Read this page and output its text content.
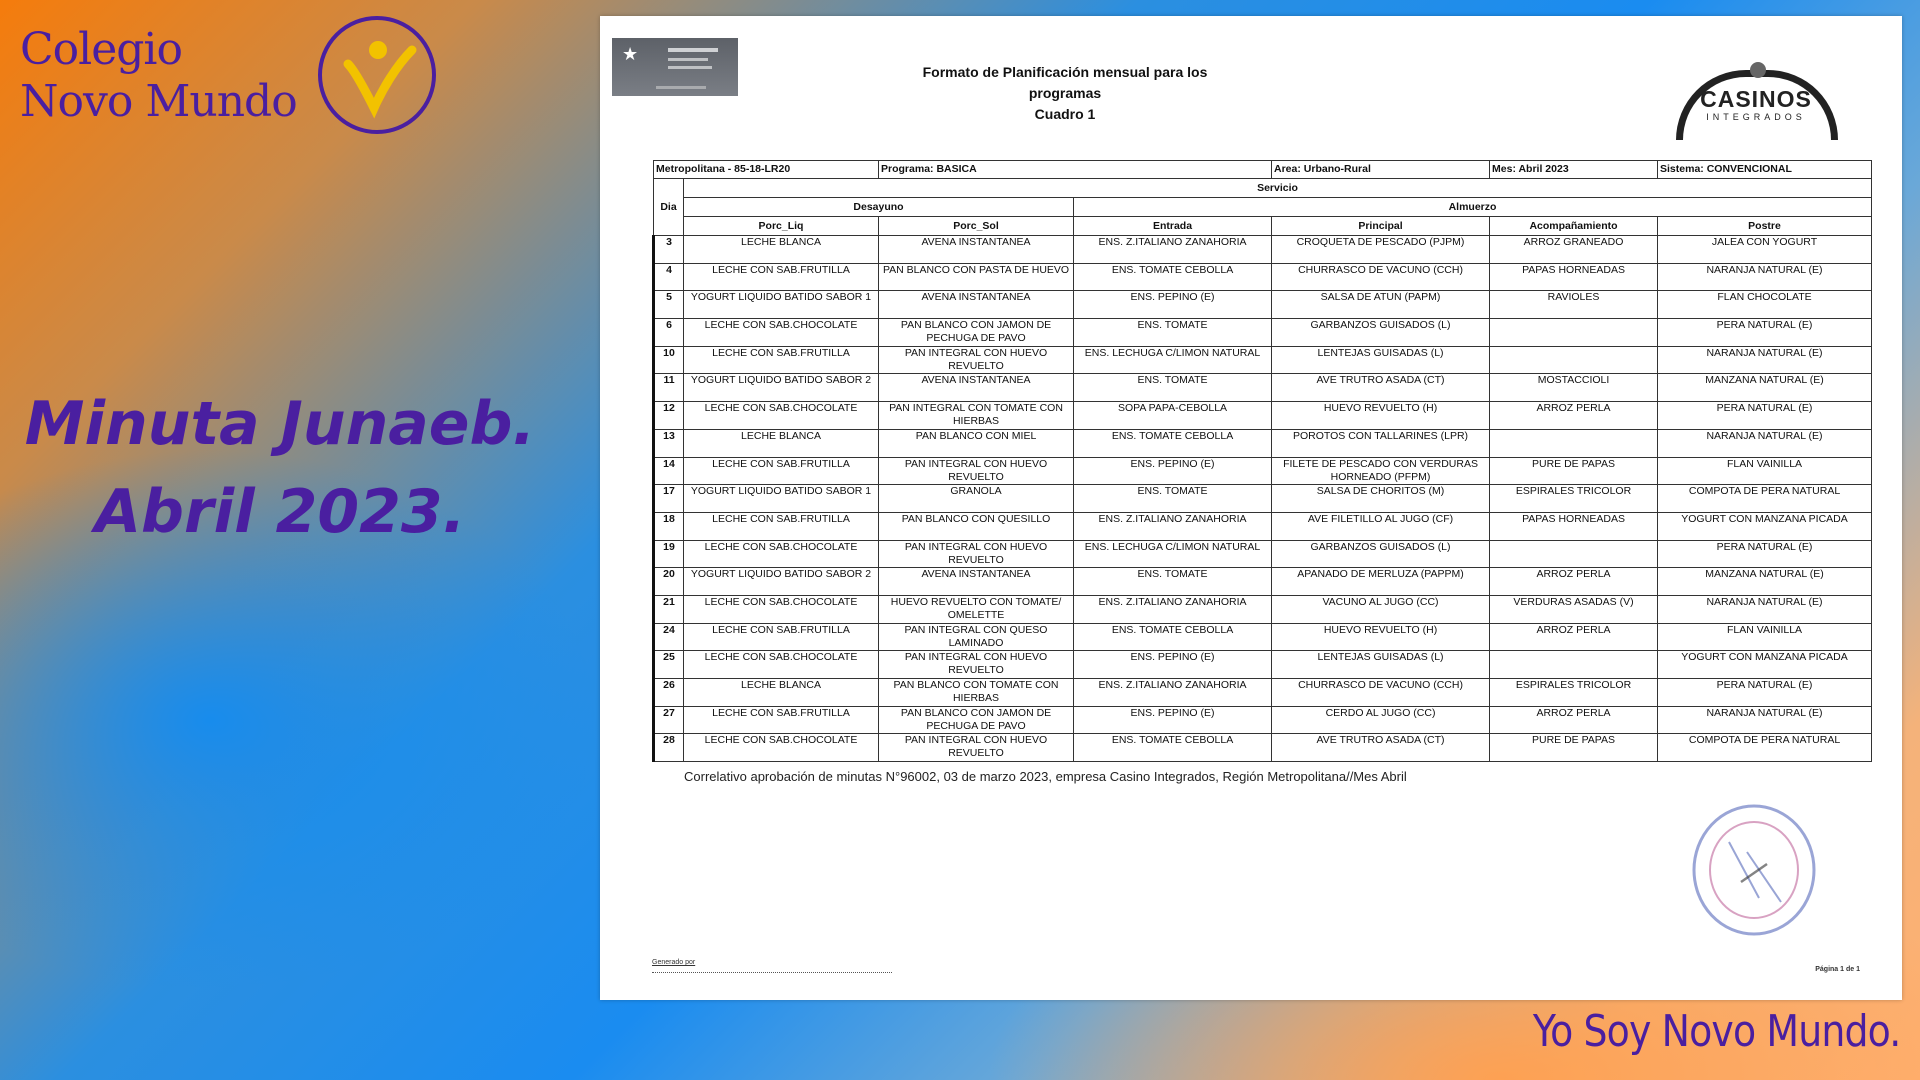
Colegio
Novo Mundo
Minuta Junaeb.
Abril 2023.
Yo Soy Novo Mundo.
★
Formato de Planificación mensual para los
programas
Cuadro 1
CASINOS
INTEGRADOS
Metropolitana - 85-18-LR20		Programa: BASICA		Area: Urbano-Rural	Mes: Abril 2023	Sistema: CONVENCIONAL
Dia	Servicio					
	Desayuno		Almuerzo			
	Porc_Liq	Porc_Sol	Entrada	Principal	Acompañamiento	Postre
3	LECHE BLANCA	AVENA INSTANTANEA	ENS. Z.ITALIANO ZANAHORIA	CROQUETA DE PESCADO (PJPM)	ARROZ GRANEADO	JALEA CON YOGURT
4	LECHE CON SAB.FRUTILLA	PAN BLANCO CON PASTA DE HUEVO	ENS. TOMATE CEBOLLA	CHURRASCO DE VACUNO (CCH)	PAPAS HORNEADAS	NARANJA NATURAL (E)
5	YOGURT LIQUIDO BATIDO SABOR 1	AVENA INSTANTANEA	ENS. PEPINO (E)	SALSA DE ATUN (PAPM)	RAVIOLES	FLAN CHOCOLATE
6	LECHE CON SAB.CHOCOLATE	PAN BLANCO CON JAMON DE PECHUGA DE PAVO	ENS. TOMATE	GARBANZOS GUISADOS (L)		PERA NATURAL (E)
10	LECHE CON SAB.FRUTILLA	PAN INTEGRAL CON HUEVO REVUELTO	ENS. LECHUGA C/LIMON NATURAL	LENTEJAS GUISADAS (L)		NARANJA NATURAL (E)
11	YOGURT LIQUIDO BATIDO SABOR 2	AVENA INSTANTANEA	ENS. TOMATE	AVE TRUTRO ASADA (CT)	MOSTACCIOLI	MANZANA NATURAL (E)
12	LECHE CON SAB.CHOCOLATE	PAN INTEGRAL CON TOMATE CON HIERBAS	SOPA PAPA-CEBOLLA	HUEVO REVUELTO (H)	ARROZ PERLA	PERA NATURAL (E)
13	LECHE BLANCA	PAN BLANCO CON MIEL	ENS. TOMATE CEBOLLA	POROTOS CON TALLARINES (LPR)		NARANJA NATURAL (E)
14	LECHE CON SAB.FRUTILLA	PAN INTEGRAL CON HUEVO REVUELTO	ENS. PEPINO (E)	FILETE DE PESCADO CON VERDURAS HORNEADO (PFPM)	PURE DE PAPAS	FLAN VAINILLA
17	YOGURT LIQUIDO BATIDO SABOR 1	GRANOLA	ENS. TOMATE	SALSA DE CHORITOS (M)	ESPIRALES TRICOLOR	COMPOTA DE PERA NATURAL
18	LECHE CON SAB.FRUTILLA	PAN BLANCO CON QUESILLO	ENS. Z.ITALIANO ZANAHORIA	AVE FILETILLO AL JUGO (CF)	PAPAS HORNEADAS	YOGURT CON MANZANA PICADA
19	LECHE CON SAB.CHOCOLATE	PAN INTEGRAL CON HUEVO REVUELTO	ENS. LECHUGA C/LIMON NATURAL	GARBANZOS GUISADOS (L)		PERA NATURAL (E)
20	YOGURT LIQUIDO BATIDO SABOR 2	AVENA INSTANTANEA	ENS. TOMATE	APANADO DE MERLUZA (PAPPM)	ARROZ PERLA	MANZANA NATURAL (E)
21	LECHE CON SAB.CHOCOLATE	HUEVO REVUELTO CON TOMATE/ OMELETTE	ENS. Z.ITALIANO ZANAHORIA	VACUNO AL JUGO (CC)	VERDURAS ASADAS (V)	NARANJA NATURAL (E)
24	LECHE CON SAB.FRUTILLA	PAN INTEGRAL CON QUESO LAMINADO	ENS. TOMATE CEBOLLA	HUEVO REVUELTO (H)	ARROZ PERLA	FLAN VAINILLA
25	LECHE CON SAB.CHOCOLATE	PAN INTEGRAL CON HUEVO REVUELTO	ENS. PEPINO (E)	LENTEJAS GUISADAS (L)		YOGURT CON MANZANA PICADA
26	LECHE BLANCA	PAN BLANCO CON TOMATE CON HIERBAS	ENS. Z.ITALIANO ZANAHORIA	CHURRASCO DE VACUNO (CCH)	ESPIRALES TRICOLOR	PERA NATURAL (E)
27	LECHE CON SAB.FRUTILLA	PAN BLANCO CON JAMON DE PECHUGA DE PAVO	ENS. PEPINO (E)	CERDO AL JUGO (CC)	ARROZ PERLA	NARANJA NATURAL (E)
28	LECHE CON SAB.CHOCOLATE	PAN INTEGRAL CON HUEVO REVUELTO	ENS. TOMATE CEBOLLA	AVE TRUTRO ASADA (CT)	PURE DE PAPAS	COMPOTA DE PERA NATURAL
Correlativo aprobación de minutas N°96002, 03 de marzo 2023, empresa Casino Integrados, Región Metropolitana//Mes Abril
Generado por
Página 1 de 1
